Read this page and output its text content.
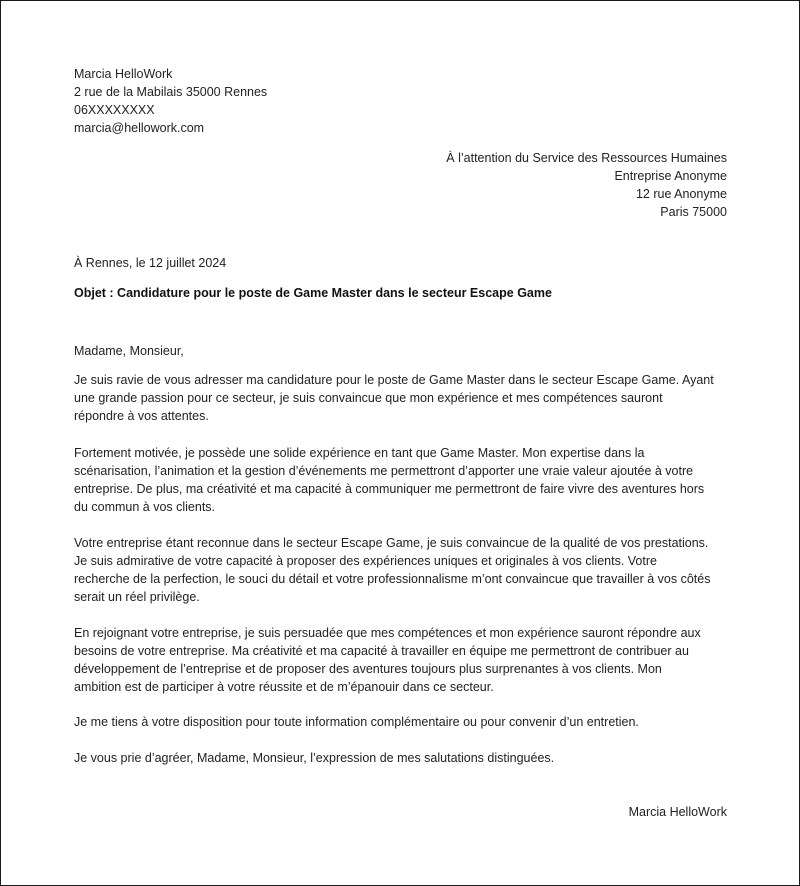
Marcia HelloWork
2 rue de la Mabilais 35000 Rennes
06XXXXXXXX
marcia@hellowork.com
À l’attention du Service des Ressources Humaines
Entreprise Anonyme
12 rue Anonyme
Paris 75000
À Rennes, le 12 juillet 2024
Objet : Candidature pour le poste de Game Master dans le secteur Escape Game
Madame, Monsieur,
Je suis ravie de vous adresser ma candidature pour le poste de Game Master dans le secteur Escape Game. Ayant
une grande passion pour ce secteur, je suis convaincue que mon expérience et mes compétences sauront
répondre à vos attentes.
Fortement motivée, je possède une solide expérience en tant que Game Master. Mon expertise dans la
scénarisation, l’animation et la gestion d’événements me permettront d’apporter une vraie valeur ajoutée à votre
entreprise. De plus, ma créativité et ma capacité à communiquer me permettront de faire vivre des aventures hors
du commun à vos clients.
Votre entreprise étant reconnue dans le secteur Escape Game, je suis convaincue de la qualité de vos prestations.
Je suis admirative de votre capacité à proposer des expériences uniques et originales à vos clients. Votre
recherche de la perfection, le souci du détail et votre professionnalisme m’ont convaincue que travailler à vos côtés
serait un réel privilège.
En rejoignant votre entreprise, je suis persuadée que mes compétences et mon expérience sauront répondre aux
besoins de votre entreprise. Ma créativité et ma capacité à travailler en équipe me permettront de contribuer au
développement de l’entreprise et de proposer des aventures toujours plus surprenantes à vos clients. Mon
ambition est de participer à votre réussite et de m’épanouir dans ce secteur.
Je me tiens à votre disposition pour toute information complémentaire ou pour convenir d’un entretien.
Je vous prie d’agréer, Madame, Monsieur, l’expression de mes salutations distinguées.
Marcia HelloWork
